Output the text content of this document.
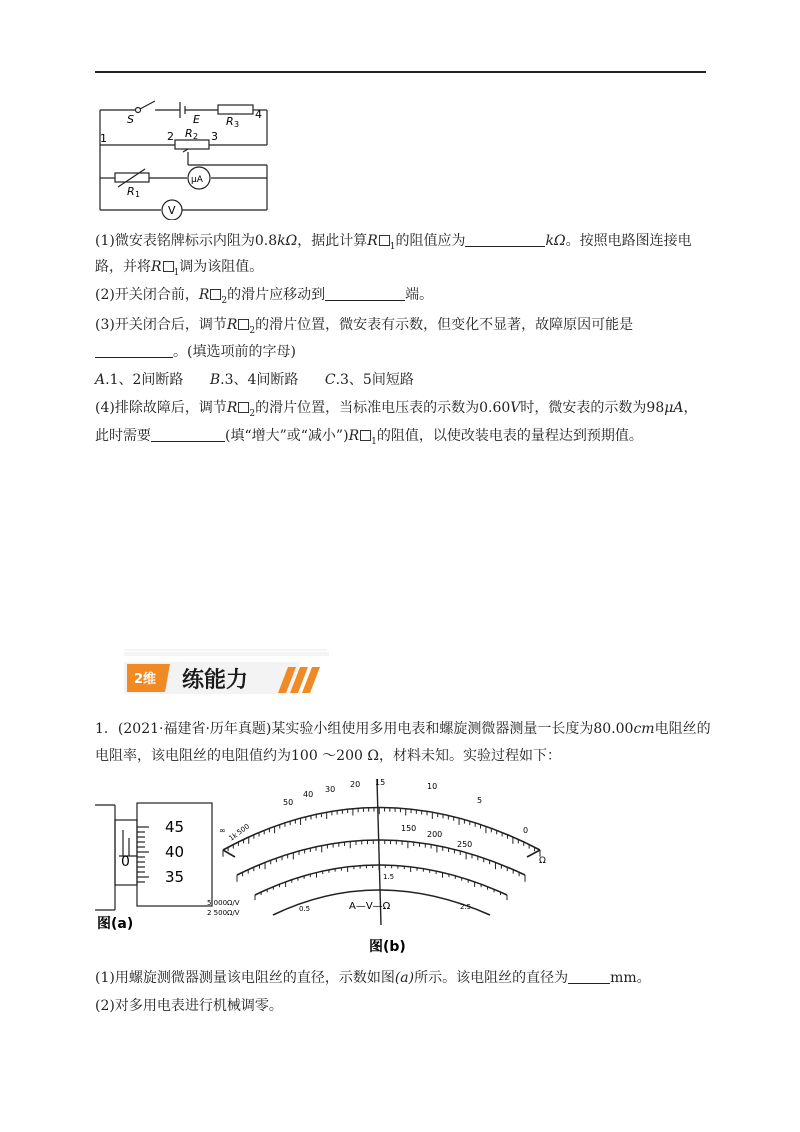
S	E R 3
4
1	2 R 2 3
μA
R 1
V
(1)微安表铭牌标示内阻为0.8kΩ，据此计算R $_1$的阻值应为	kΩ。按照电路图连接电
路，并将R $_1$调为该阻值。
(2)开关闭合前，R $_2$的滑片应移动到	端。
(3)开关闭合后，调节R $_2$的滑片位置，微安表有示数，但变化不显著，故障原因可能是
。(填选项前的字母)
A.1、2间断路 B.3、4间断路 C.3、5间短路
(4)排除故障后，调节R $_2$的滑片位置，当标准电压表的示数为0.60V时，微安表的示数为98μA，
此时需要	(填“增大”或“减小”)R $_1$的阻值，以使改装电表的量程达到预期值。
2维 练能力
1．(2021·福建省·历年真题)某实验小组使用多用电表和螺旋测微器测量一长度为80.00cm电阻丝的
电阻率，该电阻丝的电阻值约为100 ～200 Ω，材料未知。实验过程如下：
45
40
35
0
图(a)
50
40
30
20 15	10
5
0
500
1k
∞	150
200
250
0.5
1.5
2.5
Ω
5 000Ω/V
2 500Ω/V
A—V—Ω
图(b)
(1)用螺旋测微器测量该电阻丝的直径，示数如图(a)所示。该电阻丝的直径为	mm。
(2)对多用电表进行机械调零。
